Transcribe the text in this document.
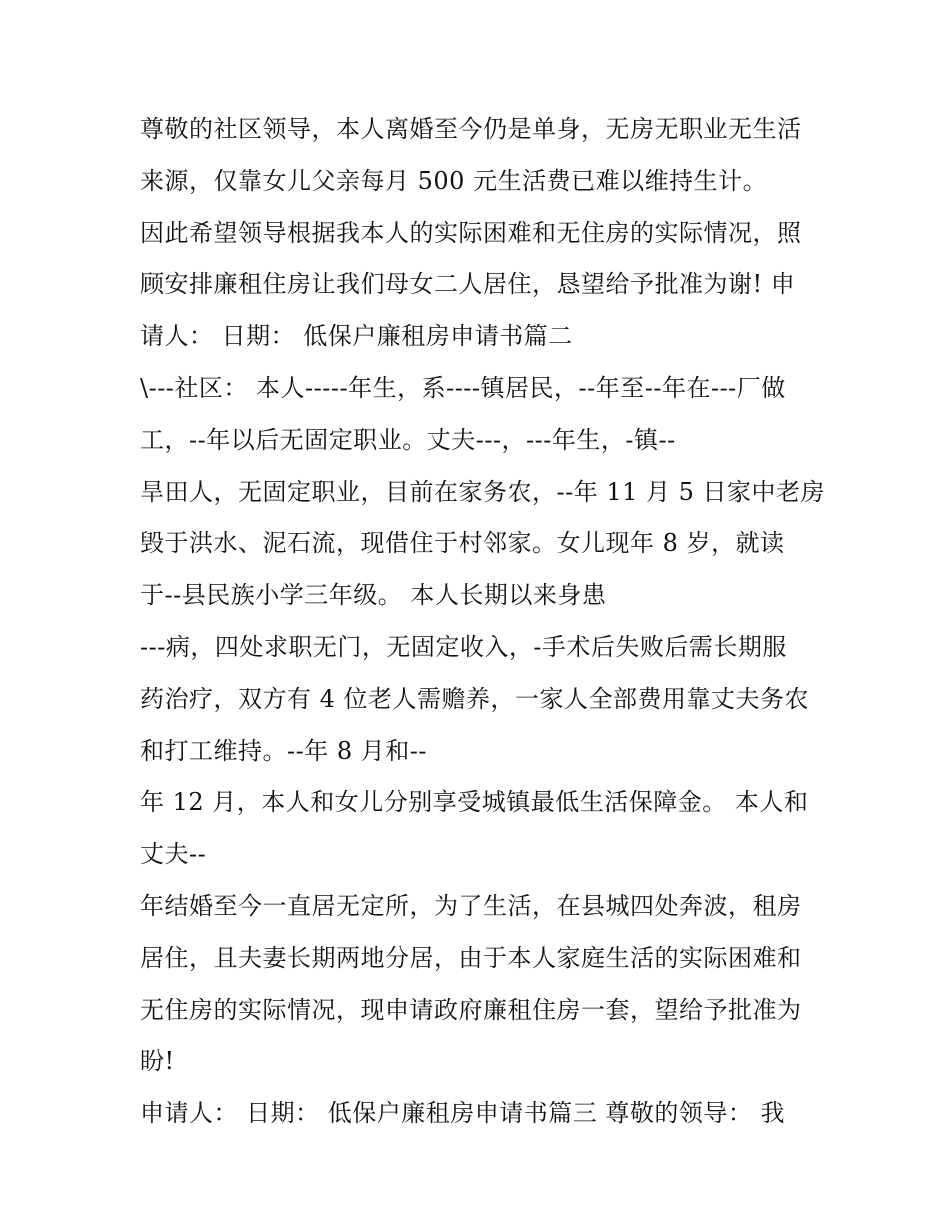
尊敬的社区领导，本人离婚至今仍是单身，无房无职业无生活
来源，仅靠女儿父亲每月 500 元生活费已难以维持生计。
因此希望领导根据我本人的实际困难和无住房的实际情况，照
顾安排廉租住房让我们母女二人居住，恳望给予批准为谢! 申
请人： 日期： 低保户廉租房申请书篇二
\---社区： 本人-----年生，系----镇居民，--年至--年在---厂做
工，--年以后无固定职业。丈夫---，---年生，-镇--
旱田人，无固定职业，目前在家务农，--年 11 月 5 日家中老房
毁于洪水、泥石流，现借住于村邻家。女儿现年 8 岁，就读
于--县民族小学三年级。 本人长期以来身患
---病，四处求职无门，无固定收入，-手术后失败后需长期服
药治疗，双方有 4 位老人需赡养，一家人全部费用靠丈夫务农
和打工维持。--年 8 月和--
年 12 月，本人和女儿分别享受城镇最低生活保障金。 本人和
丈夫--
年结婚至今一直居无定所，为了生活，在县城四处奔波，租房
居住，且夫妻长期两地分居，由于本人家庭生活的实际困难和
无住房的实际情况，现申请政府廉租住房一套，望给予批准为
盼!
申请人： 日期： 低保户廉租房申请书篇三 尊敬的领导： 我
